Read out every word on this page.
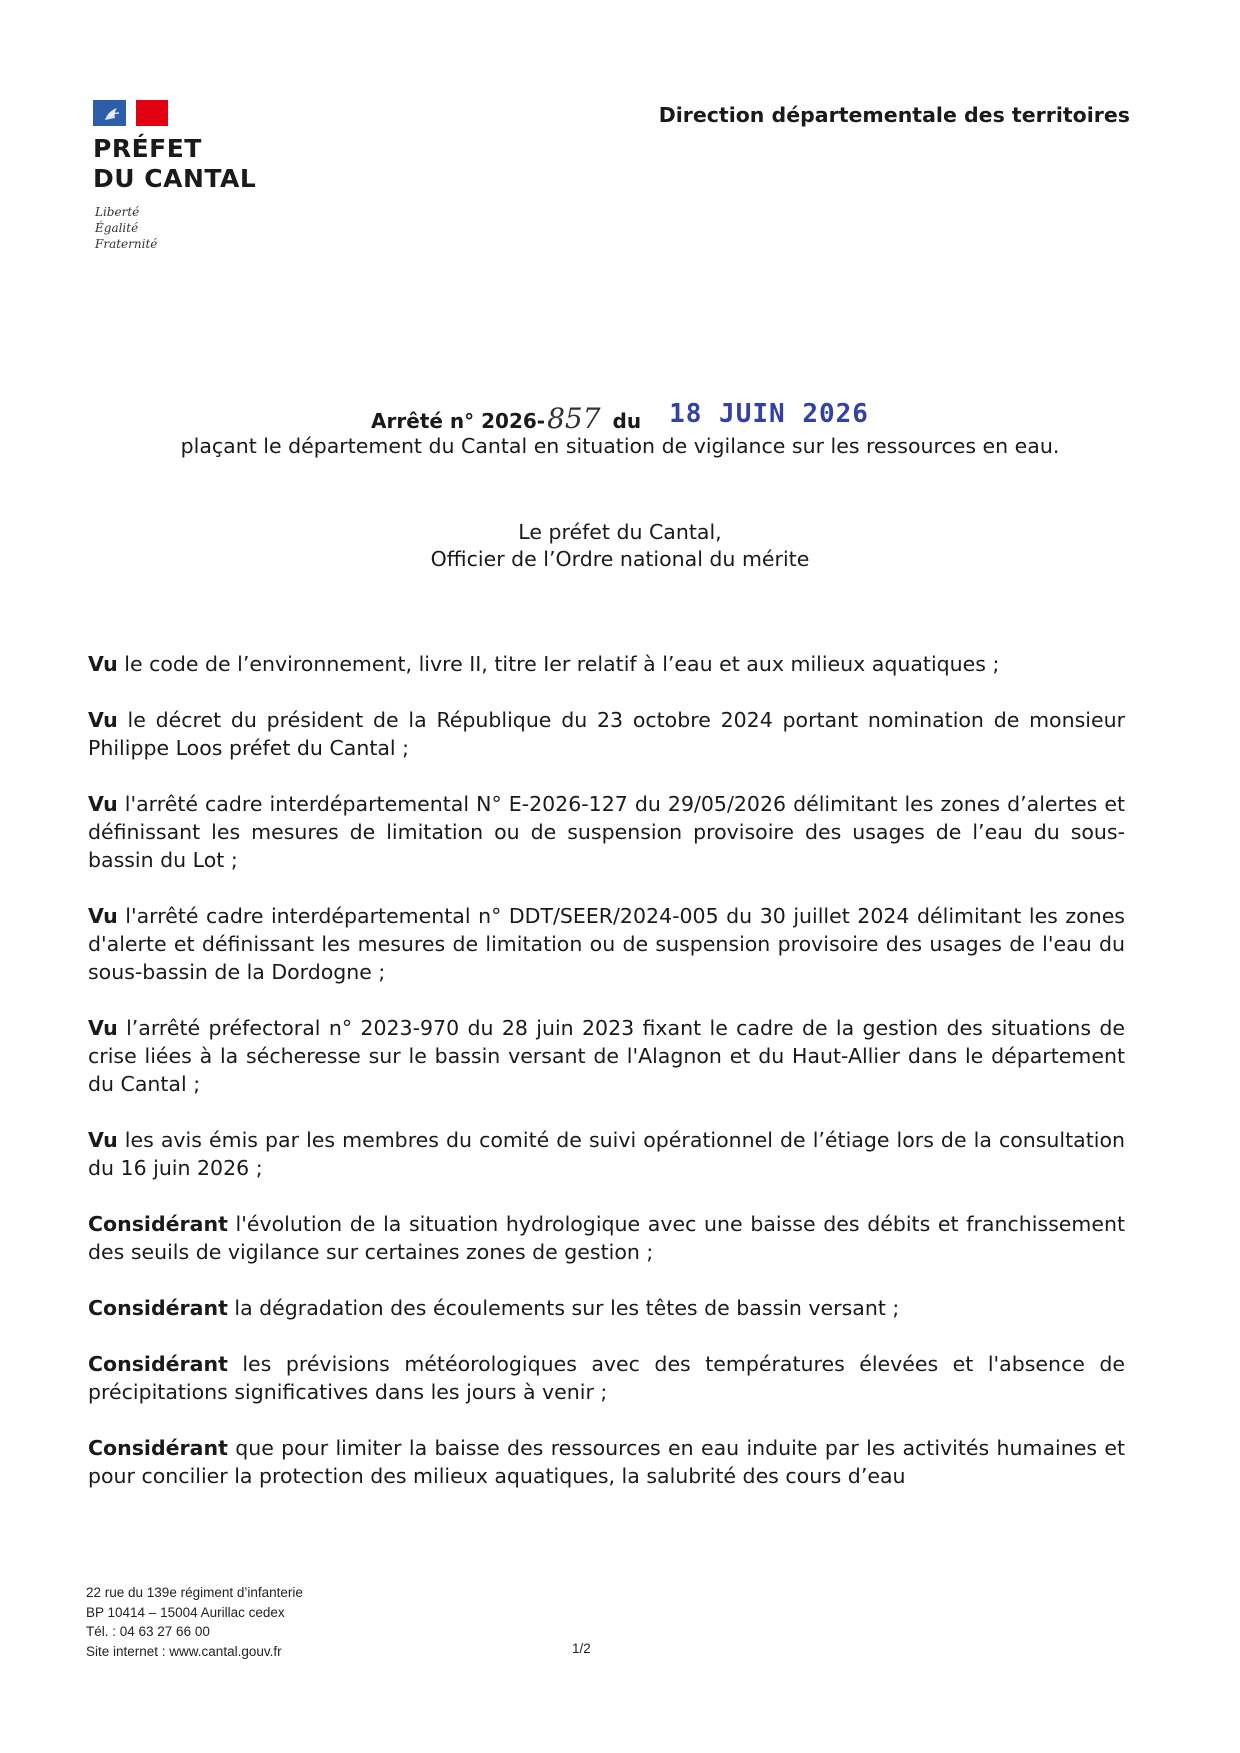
PRÉFET
DU CANTAL
Liberté
Égalité
Fraternité
Direction départementale des territoires
Arrêté n° 2026-857 du 18 JUIN 2026
plaçant le département du Cantal en situation de vigilance sur les ressources en eau.
Le préfet du Cantal,
Officier de l’Ordre national du mérite

Vu le code de l’environnement, livre II, titre Ier relatif à l’eau et aux milieux aquatiques ;

Vu le décret du président de la République du 23 octobre 2024 portant nomination de monsieur Philippe Loos préfet du Cantal ;

Vu l'arrêté cadre interdépartemental N° E-2026-127 du 29/05/2026 délimitant les zones d’alertes et définissant les mesures de limitation ou de suspension provisoire des usages de l’eau du sous-bassin du Lot ;

Vu l'arrêté cadre interdépartemental n° DDT/SEER/2024-005 du 30 juillet 2024 délimitant les zones d'alerte et définissant les mesures de limitation ou de suspension provisoire des usages de l'eau du sous-bassin de la Dordogne ;

Vu l’arrêté préfectoral n° 2023-970 du 28 juin 2023 fixant le cadre de la gestion des situations de crise liées à la sécheresse sur le bassin versant de l'Alagnon et du Haut-Allier dans le département du Cantal ;

Vu les avis émis par les membres du comité de suivi opérationnel de l’étiage lors de la consultation du 16 juin 2026 ;

Considérant l'évolution de la situation hydrologique avec une baisse des débits et franchissement des seuils de vigilance sur certaines zones de gestion ;

Considérant la dégradation des écoulements sur les têtes de bassin versant ;

Considérant les prévisions météorologiques avec des températures élevées et l'absence de précipitations significatives dans les jours à venir ;

Considérant que pour limiter la baisse des ressources en eau induite par les activités humaines et pour concilier la protection des milieux aquatiques, la salubrité des cours d’eau

22 rue du 139e régiment d’infanterie
BP 10414 – 15004 Aurillac cedex
Tél. : 04 63 27 66 00
Site internet : www.cantal.gouv.fr	1/2
